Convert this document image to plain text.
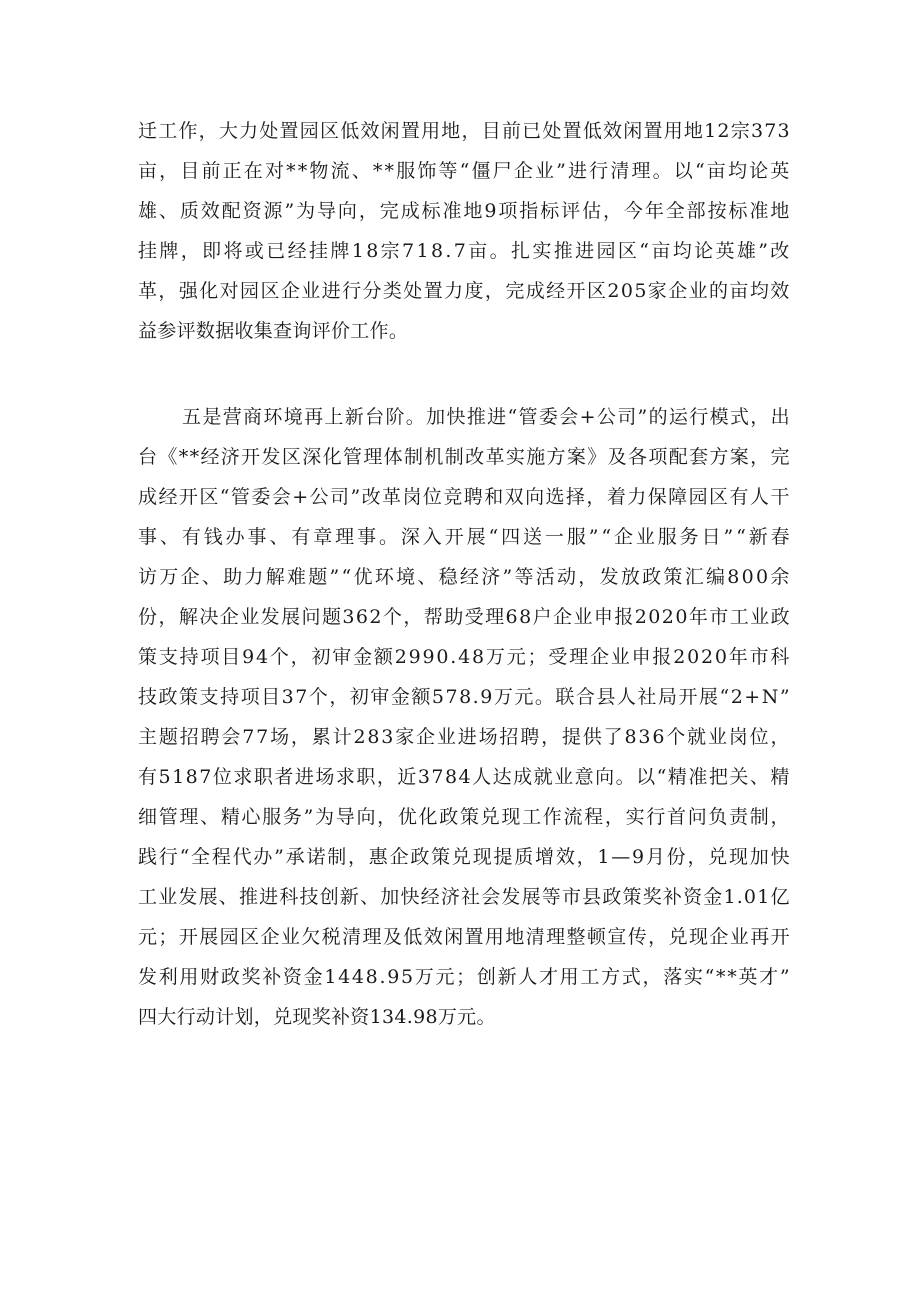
迁 工 作 ， 大 力 处 置 园 区 低 效 闲 置 用 地 ， 目 前 已 处 置 低 效 闲 置 用 地 1 2 宗 3 7 3
亩 ， 目 前 正 在 对 * * 物 流 、 * * 服 饰 等 “ 僵 尸 企 业 ” 进 行 清 理 。 以 “ 亩 均 论 英
雄 、 质 效 配 资 源 ” 为 导 向 ， 完 成 标 准 地 9 项 指 标 评 估 ， 今 年 全 部 按 标 准 地
挂 牌 ， 即 将 或 已 经 挂 牌 1 8 宗 7 1 8 . 7 亩 。 扎 实 推 进 园 区 “ 亩 均 论 英 雄 ” 改
革 ， 强 化 对 园 区 企 业 进 行 分 类 处 置 力 度 ， 完 成 经 开 区 2 0 5 家 企 业 的 亩 均 效
益参评数据收集查询评价工作。
五 是 营 商 环 境 再 上 新 台 阶 。 加 快 推 进 “ 管 委 会 + 公 司 ” 的 运 行 模 式 ， 出
台 《 * * 经 济 开 发 区 深 化 管 理 体 制 机 制 改 革 实 施 方 案 》 及 各 项 配 套 方 案 ， 完
成 经 开 区 “ 管 委 会 + 公 司 ” 改 革 岗 位 竞 聘 和 双 向 选 择 ， 着 力 保 障 园 区 有 人 干
事 、 有 钱 办 事 、 有 章 理 事 。 深 入 开 展 “ 四 送 一 服 ” “ 企 业 服 务 日 ” “ 新 春
访 万 企 、 助 力 解 难 题 ” “ 优 环 境 、 稳 经 济 ” 等 活 动 ， 发 放 政 策 汇 编 8 0 0 余
份 ， 解 决 企 业 发 展 问 题 3 6 2 个 ， 帮 助 受 理 6 8 户 企 业 申 报 2 0 2 0 年 市 工 业 政
策 支 持 项 目 9 4 个 ， 初 审 金 额 2 9 9 0 . 4 8 万 元 ； 受 理 企 业 申 报 2 0 2 0 年 市 科
技 政 策 支 持 项 目 3 7 个 ， 初 审 金 额 5 7 8 . 9 万 元 。 联 合 县 人 社 局 开 展 “ 2 + N ”
主 题 招 聘 会 7 7 场 ， 累 计 2 8 3 家 企 业 进 场 招 聘 ， 提 供 了 8 3 6 个 就 业 岗 位 ，
有 5 1 8 7 位 求 职 者 进 场 求 职 ， 近 3 7 8 4 人 达 成 就 业 意 向 。 以 “ 精 准 把 关 、 精
细 管 理 、 精 心 服 务 ” 为 导 向 ， 优 化 政 策 兑 现 工 作 流 程 ， 实 行 首 问 负 责 制 ，
践 行 “ 全 程 代 办 ” 承 诺 制 ， 惠 企 政 策 兑 现 提 质 增 效 ， 1 — 9 月 份 ， 兑 现 加 快
工 业 发 展 、 推 进 科 技 创 新 、 加 快 经 济 社 会 发 展 等 市 县 政 策 奖 补 资 金 1 . 0 1 亿
元 ； 开 展 园 区 企 业 欠 税 清 理 及 低 效 闲 置 用 地 清 理 整 顿 宣 传 ， 兑 现 企 业 再 开
发 利 用 财 政 奖 补 资 金 1 4 4 8 . 9 5 万 元 ； 创 新 人 才 用 工 方 式 ， 落 实 “ * * 英 才 ”
四大行动计划，兑现奖补资134.98万元。
